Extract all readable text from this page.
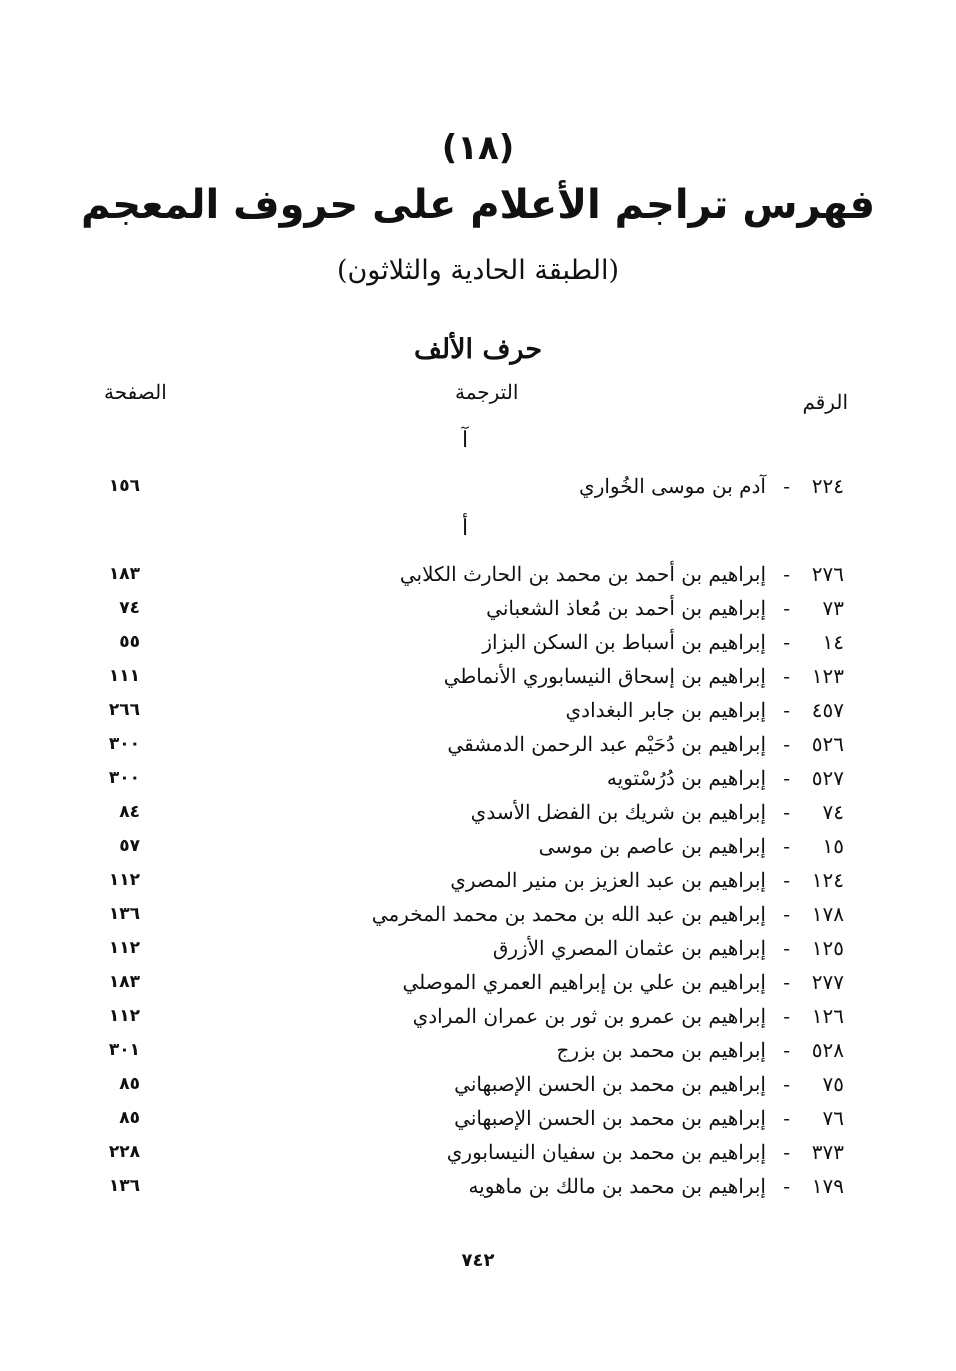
(١٨)
فهرس تراجم الأعلام على حروف المعجم
(الطبقة الحادية والثلاثون)
حرف الألف
الرقم
الترجمة
الصفحة
آ
٢٢٤
-
آدم بن موسى الخُواري
١٥٦
أ
٢٧٦
-
إبراهيم بن أحمد بن محمد بن الحارث الكلابي
١٨٣
٧٣
-
إبراهيم بن أحمد بن مُعاذ الشعباني
٧٤
١٤
-
إبراهيم بن أسباط بن السكن البزاز
٥٥
١٢٣
-
إبراهيم بن إسحاق النيسابوري الأنماطي
١١١
٤٥٧
-
إبراهيم بن جابر البغدادي
٢٦٦
٥٢٦
-
إبراهيم بن دُحَيْم عبد الرحمن الدمشقي
٣٠٠
٥٢٧
-
إبراهيم بن دُرُسْتويه
٣٠٠
٧٤
-
إبراهيم بن شريك بن الفضل الأسدي
٨٤
١٥
-
إبراهيم بن عاصم بن موسى
٥٧
١٢٤
-
إبراهيم بن عبد العزيز بن منير المصري
١١٢
١٧٨
-
إبراهيم بن عبد الله بن محمد بن محمد المخرمي
١٣٦
١٢٥
-
إبراهيم بن عثمان المصري الأزرق
١١٢
٢٧٧
-
إبراهيم بن علي بن إبراهيم العمري الموصلي
١٨٣
١٢٦
-
إبراهيم بن عمرو بن ثور بن عمران المرادي
١١٢
٥٢٨
-
إبراهيم بن محمد بن بزرج
٣٠١
٧٥
-
إبراهيم بن محمد بن الحسن الإصبهاني
٨٥
٧٦
-
إبراهيم بن محمد بن الحسن الإصبهاني
٨٥
٣٧٣
-
إبراهيم بن محمد بن سفيان النيسابوري
٢٢٨
١٧٩
-
إبراهيم بن محمد بن مالك بن ماهويه
١٣٦
٧٤٢
